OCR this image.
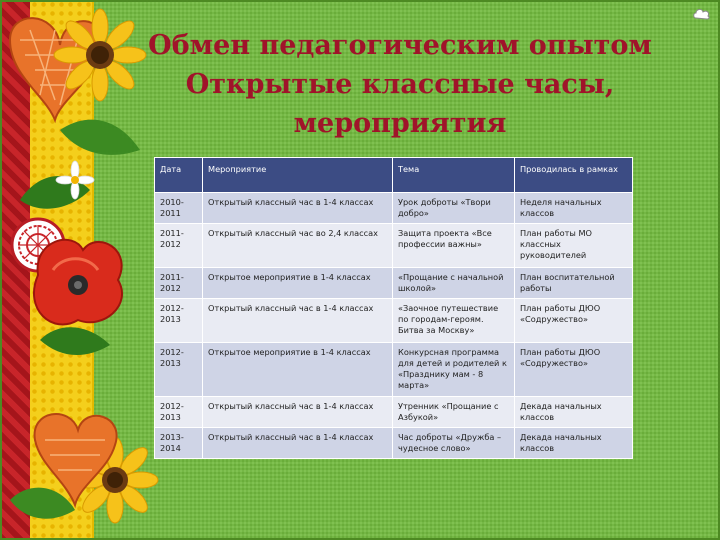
Обмен педагогическим опытом
Открытые классные часы,
мероприятия
Дата	Мероприятие	Тема	Проводилась в рамках
2010-2011	Открытый классный час в 1-4 классах	Урок доброты «Твори добро»	Неделя начальных классов
2011-2012	Открытый классный час во 2,4 классах	Защита проекта «Все профессии важны»	План работы МО классных руководителей
2011-2012	Открытое мероприятие в 1-4 классах	«Прощание с начальной школой»	План воспитательной работы
2012-2013	Открытый классный час в 1-4 классах	«Заочное путешествие по городам-героям. Битва за Москву»	План работы ДЮО «Содружество»
2012-2013	Открытое мероприятие в 1-4 классах	Конкурсная программа для детей и родителей к «Празднику мам - 8 марта»	План работы ДЮО «Содружество»
2012-2013	Открытый классный час в 1-4 классах	Утренник «Прощание с Азбукой»	Декада начальных классов
2013-2014	Открытый классный час в 1-4 классах	Час доброты «Дружба – чудесное слово»	Декада начальных классов
